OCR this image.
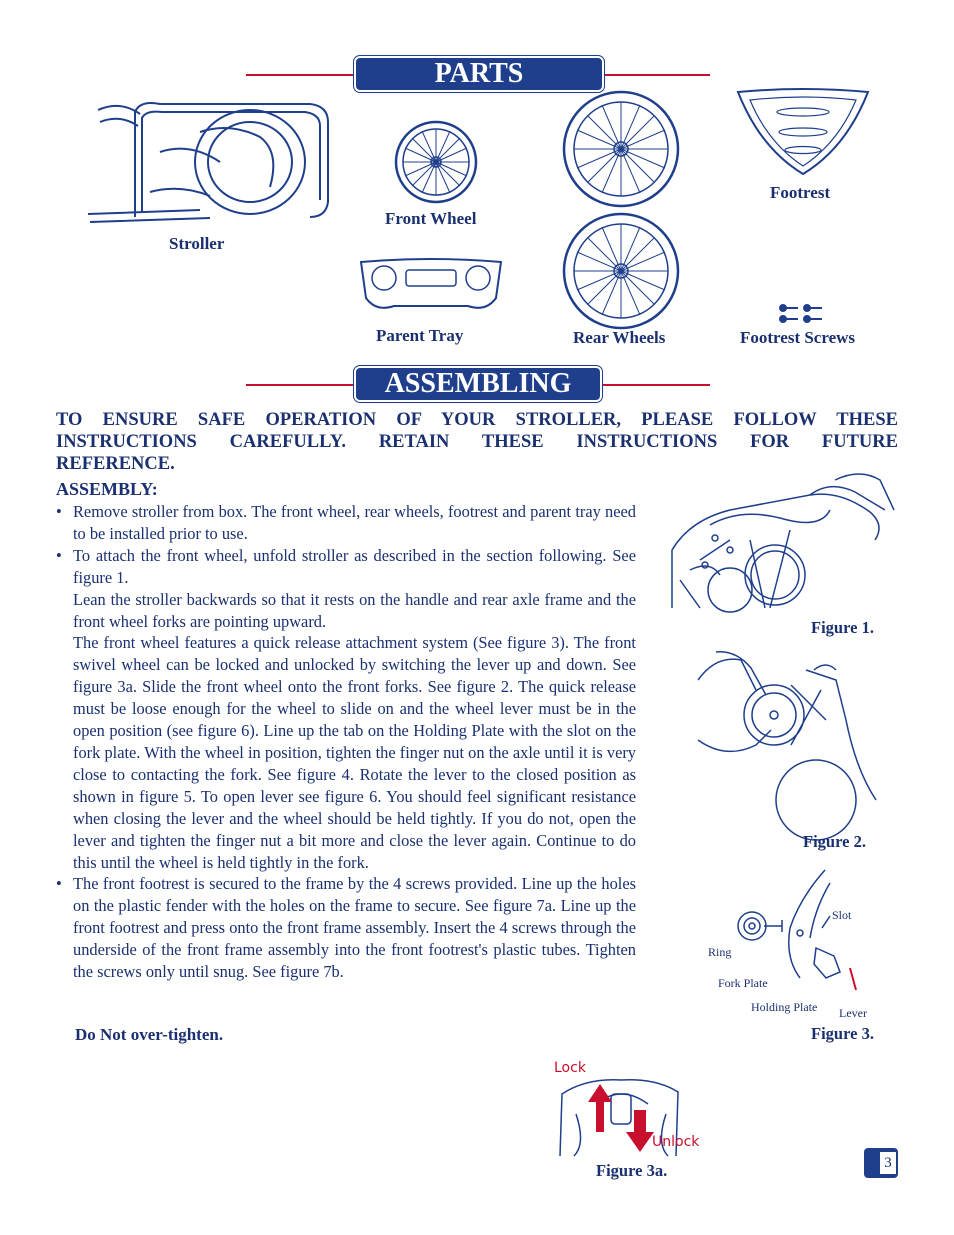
PARTS
Stroller
Front Wheel
Rear Wheels
Footrest
Parent Tray	Footrest Screws
ASSEMBLING
TO ENSURE SAFE OPERATION OF YOUR STROLLER, PLEASE FOLLOW THESE
INSTRUCTIONS CAREFULLY. RETAIN THESE INSTRUCTIONS FOR FUTURE
REFERENCE.
ASSEMBLY:
• Remove stroller from box. The front wheel, rear wheels, footrest and parent tray need to be installed prior to use.

• To attach the front wheel, unfold stroller as described in the section following. See figure 1.

Lean the stroller backwards so that it rests on the handle and rear axle frame and the front wheel forks are pointing upward.

The front wheel features a quick release attachment system (See figure 3). The front swivel wheel can be locked and unlocked by switching the lever up and down. See figure 3a. Slide the front wheel onto the front forks. See figure 2. The quick release must be loose enough for the wheel to slide on and the wheel lever must be in the open position (see figure 6). Line up the tab on the Holding Plate with the slot on the fork plate. With the wheel in position, tighten the finger nut on the axle until it is very close to contacting the fork. See figure 4. Rotate the lever to the closed position as shown in figure 5. To open lever see figure 6. You should feel significant resistance when closing the lever and the wheel should be held tightly. If you do not, open the lever and tighten the finger nut a bit more and close the lever again. Continue to do this until the wheel is held tightly in the fork.

• The front footrest is secured to the frame by the 4 screws provided. Line up the holes on the plastic fender with the holes on the frame to secure. See figure 7a. Line up the front footrest and press onto the front frame assembly. Insert the 4 screws through the underside of the front frame assembly into the front footrest's plastic tubes. Tighten the screws only until snug. See figure 7b.
Do Not over-tighten.
Figure 1.
Figure 2.
Slot
Ring
Fork Plate
Holding Plate Lever
Figure 3.
Lock
Unlock
Figure 3a.	3
